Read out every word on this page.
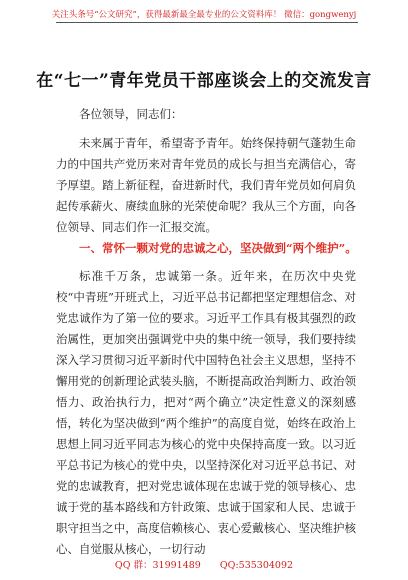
关注头条号“公文研究”，获得最新最全最专业的公文资料库！ 微信：gongwenyj
在“七一”青年党员干部座谈会上的交流发言
各位领导，同志们：
未来属于青年，希望寄予青年。始终保持朝气蓬勃生命力的中国共产党历来对青年党员的成长与担当充满信心，寄予厚望。踏上新征程，奋进新时代，我们青年党员如何肩负起传承薪火、赓续血脉的光荣使命呢？我从三个方面，向各位领导、同志们作一汇报交流。
一、常怀一颗对党的忠诚之心，坚决做到“两个维护”。
标准千万条，忠诚第一条。近年来，在历次中央党校“中青班”开班式上，习近平总书记都把坚定理想信念、对党忠诚作为了第一位的要求。习近平工作具有极其强烈的政治属性，更加突出强调党中央的集中统一领导，我们要持续深入学习贯彻习近平新时代中国特色社会主义思想，坚持不懈用党的创新理论武装头脑，不断提高政治判断力、政治领悟力、政治执行力，把对“两个确立”决定性意义的深刻感悟，转化为坚决做到“两个维护”的高度自觉，始终在政治上思想上同习近平同志为核心的党中央保持高度一致。以习近平总书记为核心的党中央，以坚持深化对习近平总书记、对党的忠诚教育，把对党忠诚体现在忠诚于党的领导核心、忠诚于党的基本路线和方针政策、忠诚于国家和人民、忠诚于职守担当之中，高度信赖核心、衷心爱戴核心、坚决维护核心、自觉服从核心，一切行动
QQ 群：31991489 QQ:535304092
